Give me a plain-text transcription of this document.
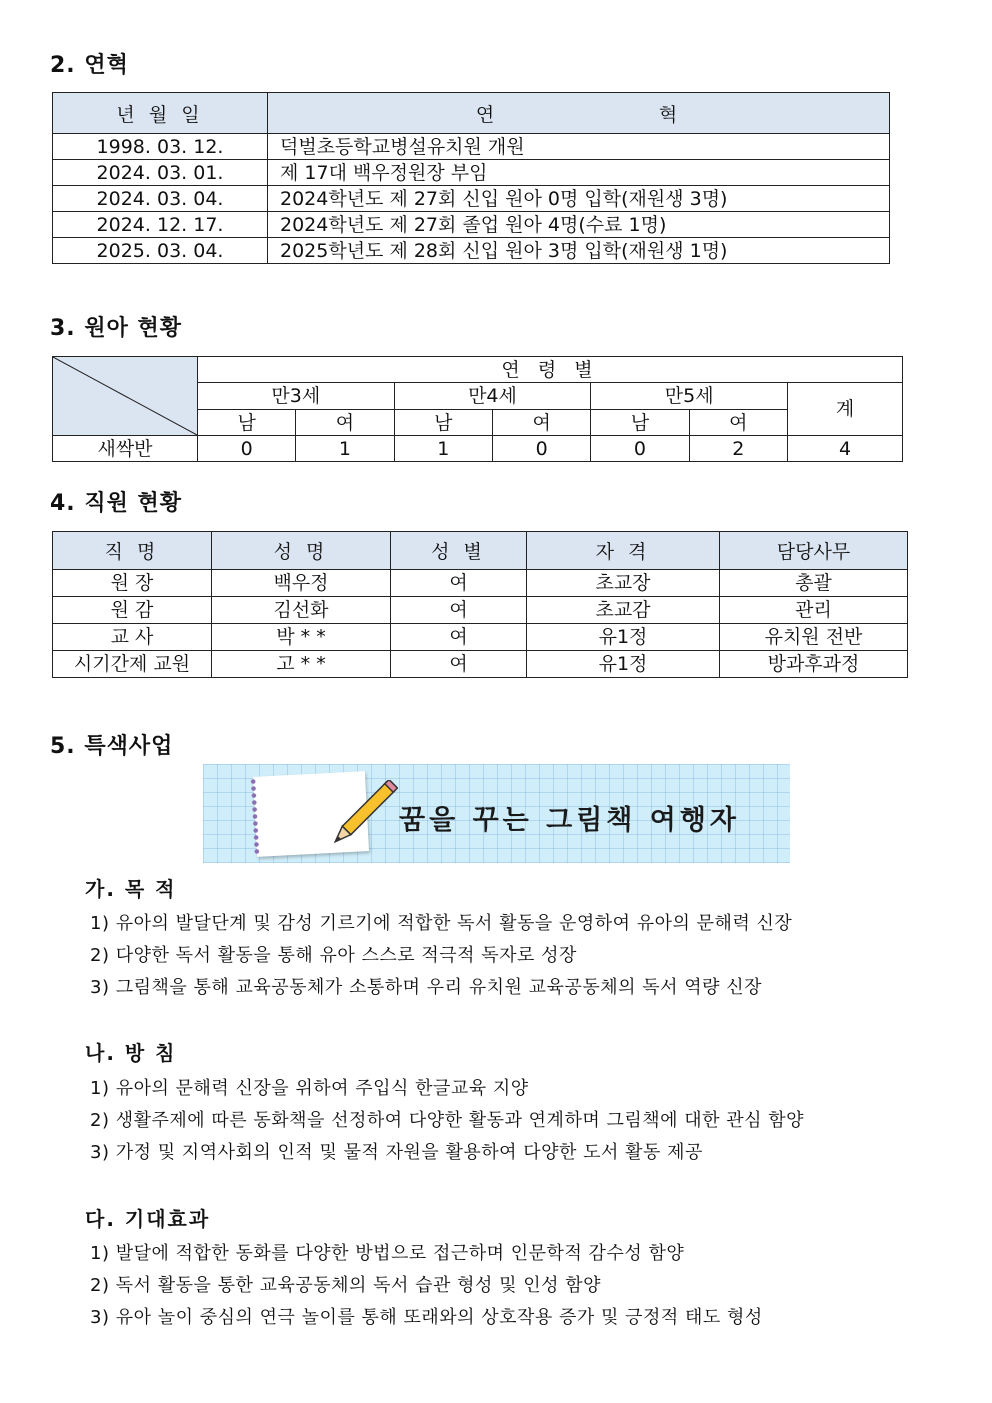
2. 연혁
년 월 일	연                혁
1998. 03. 12.	덕벌초등학교병설유치원 개원
2024. 03. 01.	제 17대 백우정원장 부임
2024. 03. 04.	2024학년도 제 27회 신입 원아 0명 입학(재원생 3명)
2024. 12. 17.	2024학년도 제 27회 졸업 원아 4명(수료 1명)
2025. 03. 04.	2025학년도 제 28회 신입 원아 3명 입학(재원생 1명)
3. 원아 현황
	연 령 별						
	만3세		만4세		만5세		계
	남	여	남	여	남	여	
새싹반	0	1	1	0	0	2	4
4. 직원 현황
직 명	성 명	성 별	자 격	담당사무
원 장	백우정	여	초교장	총괄
원 감	김선화	여	초교감	관리
교 사	박 * *	여	유1정	유치원 전반
시기간제 교원	고 * *	여	유1정	방과후과정
5. 특색사업
꿈을 꾸는 그림책 여행자
가. 목 적
1) 유아의 발달단계 및 감성 기르기에 적합한 독서 활동을 운영하여 유아의 문해력 신장
2) 다양한 독서 활동을 통해 유아 스스로 적극적 독자로 성장
3) 그림책을 통해 교육공동체가 소통하며 우리 유치원 교육공동체의 독서 역량 신장
나. 방 침
1) 유아의 문해력 신장을 위하여 주입식 한글교육 지양
2) 생활주제에 따른 동화책을 선정하여 다양한 활동과 연계하며 그림책에 대한 관심 함양
3) 가정 및 지역사회의 인적 및 물적 자원을 활용하여 다양한 도서 활동 제공
다. 기대효과
1) 발달에 적합한 동화를 다양한 방법으로 접근하며 인문학적 감수성 함양
2) 독서 활동을 통한 교육공동체의 독서 습관 형성 및 인성 함양
3) 유아 놀이 중심의 연극 놀이를 통해 또래와의 상호작용 증가 및 긍정적 태도 형성
